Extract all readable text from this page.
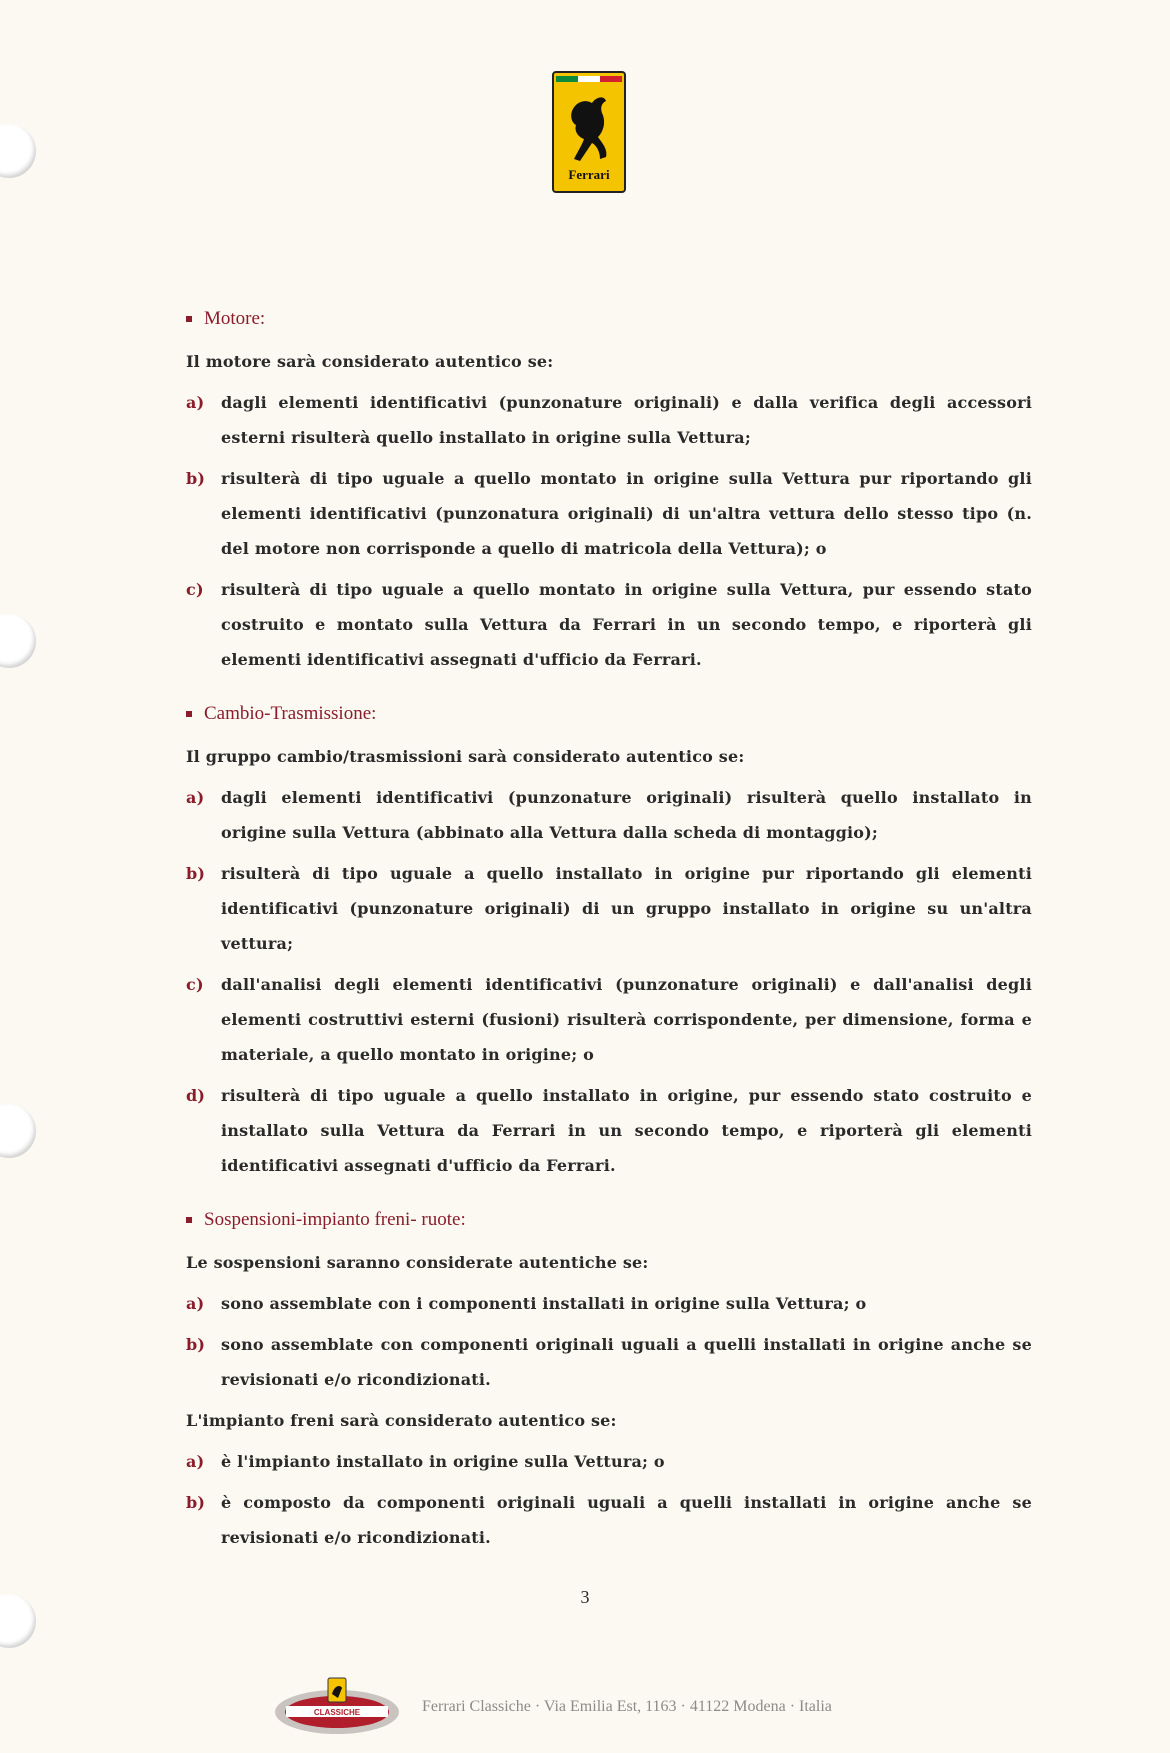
Ferrari
Motore:

Il motore sarà considerato autentico se:

a)	dagli elementi identificativi (punzonature originali) e dalla verifica degli accessori esterni risulterà quello installato in origine sulla Vettura;
b) risulterà di tipo uguale a quello montato in origine sulla Vettura pur riportando gli elementi identificativi (punzonatura originali) di un'altra vettura dello stesso tipo (n. del motore non corrisponde a quello di matricola della Vettura); o
c)	risulterà di tipo uguale a quello montato in origine sulla Vettura, pur essendo stato costruito e montato sulla Vettura da Ferrari in un secondo tempo, e riporterà gli elementi identificativi assegnati d'ufficio da Ferrari.
Cambio-Trasmissione:

Il gruppo cambio/trasmissioni sarà considerato autentico se:

a)	dagli elementi identificativi (punzonature originali) risulterà quello installato in origine sulla Vettura (abbinato alla Vettura dalla scheda di montaggio);
b) risulterà di tipo uguale a quello installato in origine pur riportando gli elementi identificativi (punzonature originali) di un gruppo installato in origine su un'altra vettura;
c)	dall'analisi degli elementi identificativi (punzonature originali) e dall'analisi degli elementi costruttivi esterni (fusioni) risulterà corrispondente, per dimensione, forma e materiale, a quello montato in origine; o
d) risulterà di tipo uguale a quello installato in origine, pur essendo stato costruito e installato sulla Vettura da Ferrari in un secondo tempo, e riporterà gli elementi identificativi assegnati d'ufficio da Ferrari.
Sospensioni-impianto freni- ruote:

Le sospensioni saranno considerate autentiche se:

a)	sono assemblate con i componenti installati in origine sulla Vettura; o
b) sono assemblate con componenti originali uguali a quelli installati in origine anche se revisionati e/o ricondizionati.

L'impianto freni sarà considerato autentico se:

a)	è l'impianto installato in origine sulla Vettura; o
b) è composto da componenti originali uguali a quelli installati in origine anche se revisionati e/o ricondizionati.
3
CLASSICHE	Ferrari Classiche · Via Emilia Est, 1163 · 41122 Modena · Italia
